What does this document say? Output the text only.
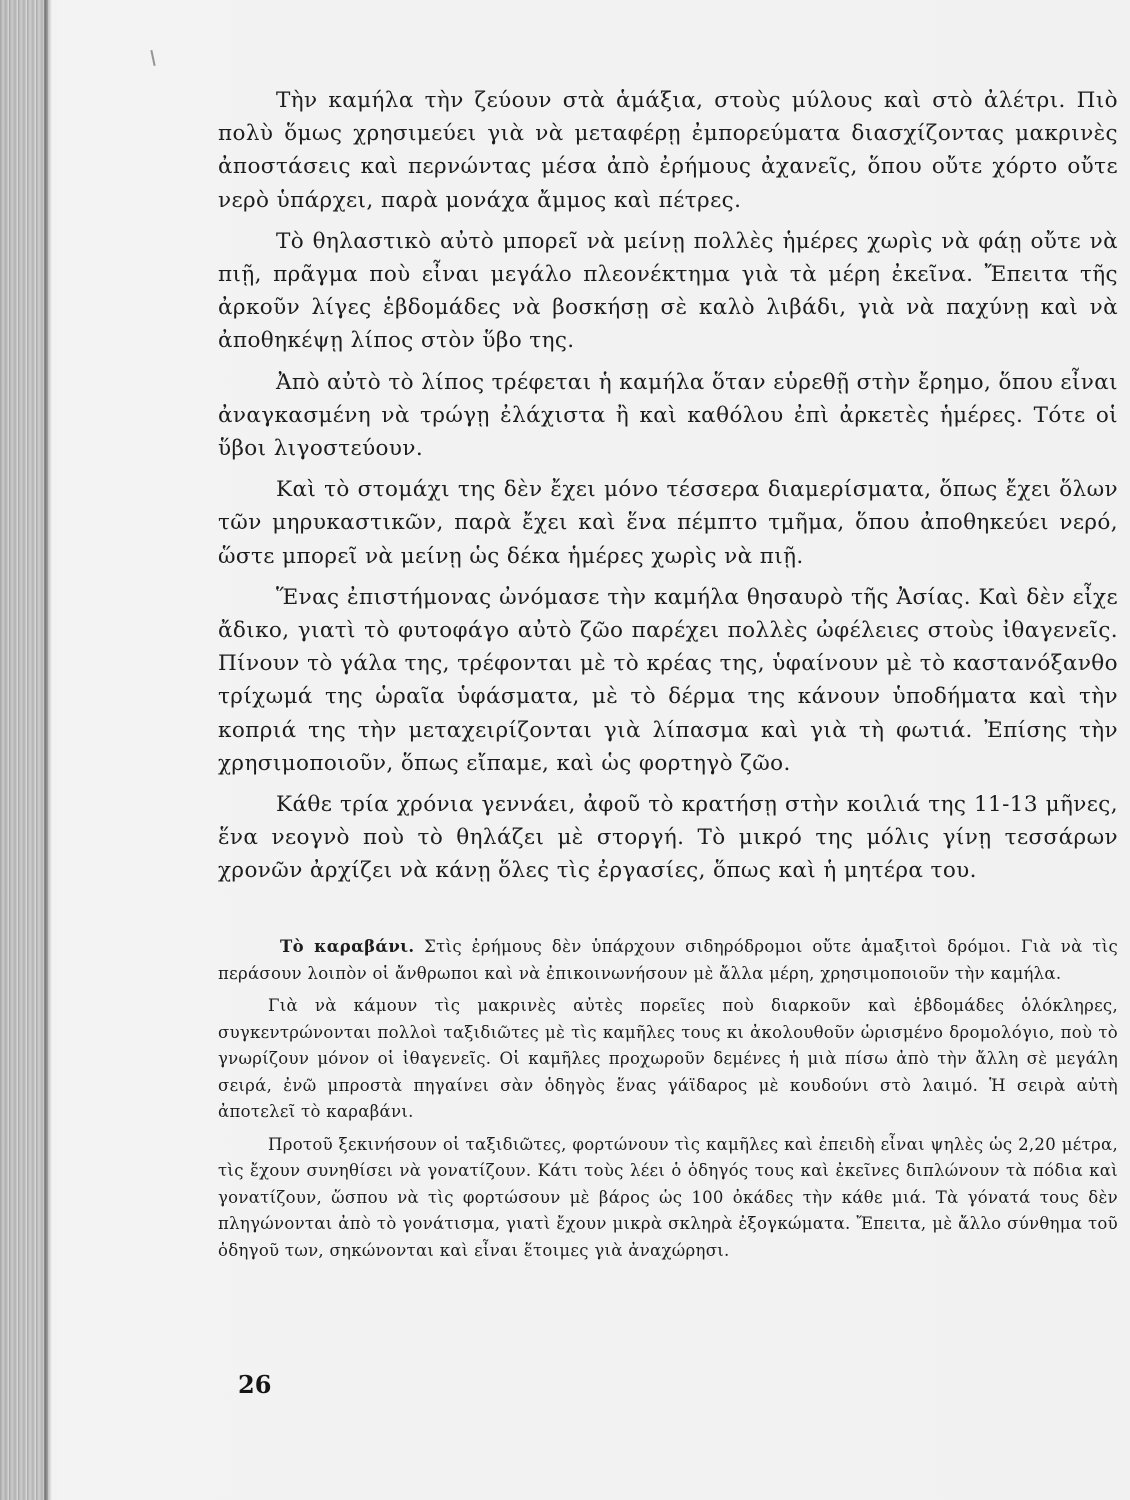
Τὴν καμήλα τὴν ζεύουν στὰ ἁμάξια, στοὺς μύλους καὶ στὸ ἀλέτρι. Πιὸ πολὺ ὅμως χρησιμεύει γιὰ νὰ μεταφέρῃ ἐμπορεύματα διασχίζοντας μακρινὲς ἀποστάσεις καὶ περνώντας μέσα ἀπὸ ἐρήμους ἀχανεῖς, ὅπου οὔτε χόρτο οὔτε νερὸ ὑπάρχει, παρὰ μονάχα ἄμμος καὶ πέτρες.

Τὸ θηλαστικὸ αὐτὸ μπορεῖ νὰ μείνῃ πολλὲς ἡμέρες χωρὶς νὰ φάῃ οὔτε νὰ πιῇ, πρᾶγμα ποὺ εἶναι μεγάλο πλεονέκτημα γιὰ τὰ μέρη ἐκεῖνα. Ἔπειτα τῆς ἀρκοῦν λίγες ἑβδομάδες νὰ βοσκήσῃ σὲ καλὸ λιβάδι, γιὰ νὰ παχύνῃ καὶ νὰ ἀποθηκέψῃ λίπος στὸν ὕβο της.

Ἀπὸ αὐτὸ τὸ λίπος τρέφεται ἡ καμήλα ὅταν εὑρεθῇ στὴν ἔρημο, ὅπου εἶναι ἀναγκασμένη νὰ τρώγῃ ἐλάχιστα ἢ καὶ καθόλου ἐπὶ ἀρκετὲς ἡμέρες. Τότε οἱ ὕβοι λιγοστεύουν.

Καὶ τὸ στομάχι της δὲν ἔχει μόνο τέσσερα διαμερίσματα, ὅπως ἔχει ὅλων τῶν μηρυκαστικῶν, παρὰ ἔχει καὶ ἕνα πέμπτο τμῆμα, ὅπου ἀποθηκεύει νερό, ὥστε μπορεῖ νὰ μείνῃ ὡς δέκα ἡμέρες χωρὶς νὰ πιῇ.

Ἕνας ἐπιστήμονας ὠνόμασε τὴν καμήλα θησαυρὸ τῆς Ἀσίας. Καὶ δὲν εἶχε ἄδικο, γιατὶ τὸ φυτοφάγο αὐτὸ ζῶο παρέχει πολλὲς ὠφέλειες στοὺς ἰθαγενεῖς. Πίνουν τὸ γάλα της, τρέφονται μὲ τὸ κρέας της, ὑφαίνουν μὲ τὸ καστανόξανθο τρίχωμά της ὡραῖα ὑφάσματα, μὲ τὸ δέρμα της κάνουν ὑποδήματα καὶ τὴν κοπριά της τὴν μεταχειρίζονται γιὰ λίπασμα καὶ γιὰ τὴ φωτιά. Ἐπίσης τὴν χρησιμοποιοῦν, ὅπως εἴπαμε, καὶ ὡς φορτηγὸ ζῶο.

Κάθε τρία χρόνια γεννάει, ἀφοῦ τὸ κρατήσῃ στὴν κοιλιά της 11-13 μῆνες, ἕνα νεογνὸ ποὺ τὸ θηλάζει μὲ στοργή. Τὸ μικρό της μόλις γίνῃ τεσσάρων χρονῶν ἀρχίζει νὰ κάνῃ ὅλες τὶς ἐργασίες, ὅπως καὶ ἡ μητέρα του.

Τὸ καραβάνι. Στὶς ἐρήμους δὲν ὑπάρχουν σιδηρόδρομοι οὔτε ἁμαξιτοὶ δρόμοι. Γιὰ νὰ τὶς περάσουν λοιπὸν οἱ ἄνθρωποι καὶ νὰ ἐπικοινωνήσουν μὲ ἄλλα μέρη, χρησιμοποιοῦν τὴν καμήλα.

Γιὰ νὰ κάμουν τὶς μακρινὲς αὐτὲς πορεῖες ποὺ διαρκοῦν καὶ ἑβδομάδες ὁλόκληρες, συγκεντρώνονται πολλοὶ ταξιδιῶτες μὲ τὶς καμῆλες τους κι ἀκολουθοῦν ὡρισμένο δρομολόγιο, ποὺ τὸ γνωρίζουν μόνον οἱ ἰθαγενεῖς. Οἱ καμῆλες προχωροῦν δεμένες ἡ μιὰ πίσω ἀπὸ τὴν ἄλλη σὲ μεγάλη σειρά, ἐνῶ μπροστὰ πηγαίνει σὰν ὁδηγὸς ἕνας γάϊδαρος μὲ κουδούνι στὸ λαιμό. Ἡ σειρὰ αὐτὴ ἀποτελεῖ τὸ καραβάνι.

Προτοῦ ξεκινήσουν οἱ ταξιδιῶτες, φορτώνουν τὶς καμῆλες καὶ ἐπειδὴ εἶναι ψηλὲς ὡς 2,20 μέτρα, τὶς ἔχουν συνηθίσει νὰ γονατίζουν. Κάτι τοὺς λέει ὁ ὁδηγός τους καὶ ἐκεῖνες διπλώνουν τὰ πόδια καὶ γονατίζουν, ὥσπου νὰ τὶς φορτώσουν μὲ βάρος ὡς 100 ὀκάδες τὴν κάθε μιά. Τὰ γόνατά τους δὲν πληγώνονται ἀπὸ τὸ γονάτισμα, γιατὶ ἔχουν μικρὰ σκληρὰ ἐξογκώματα. Ἔπειτα, μὲ ἄλλο σύνθημα τοῦ ὁδηγοῦ των, σηκώνονται καὶ εἶναι ἕτοιμες γιὰ ἀναχώρησι.

26
